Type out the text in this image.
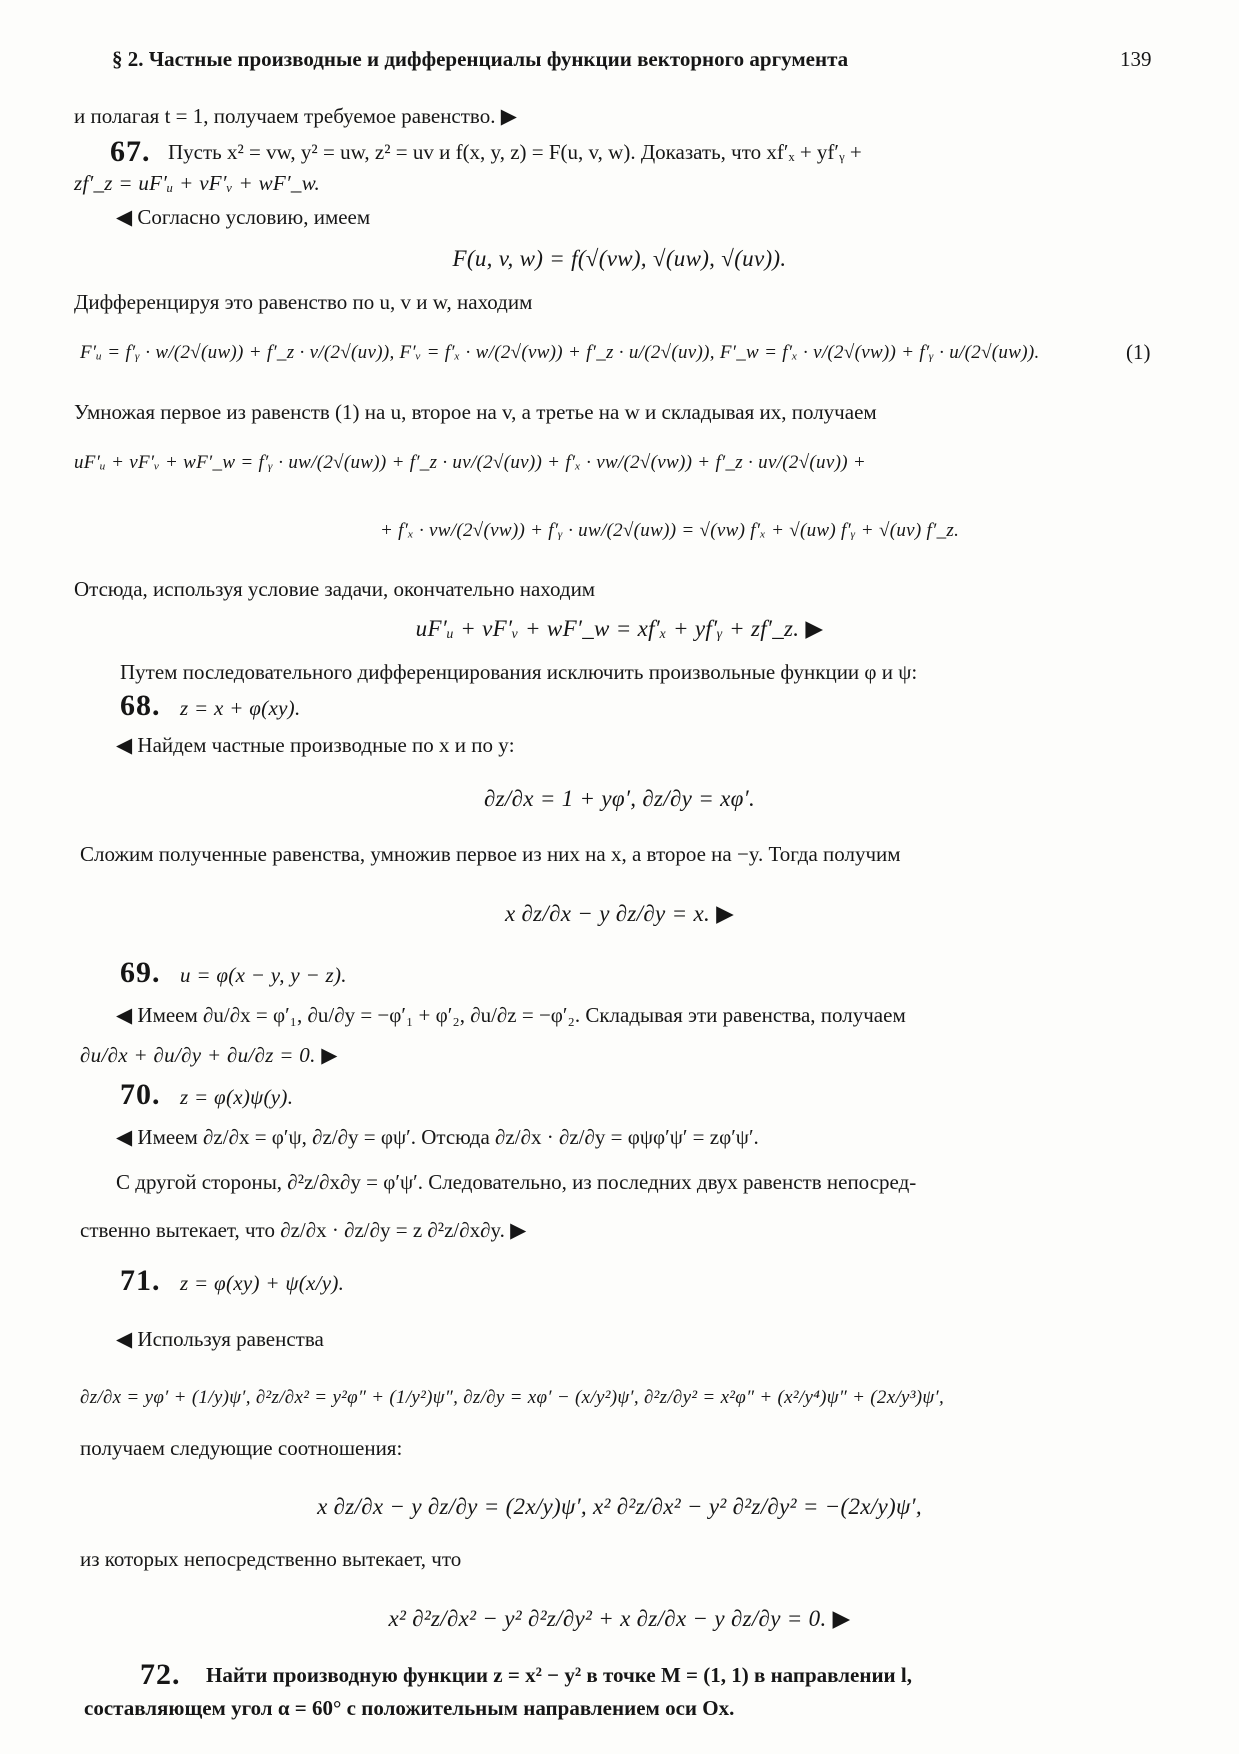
§ 2. Частные производные и дифференциалы функции векторного аргумента	139
и полагая t = 1, получаем требуемое равенство. ▶
67. Пусть x² = vw, y² = uw, z² = uv и f(x, y, z) = F(u, v, w). Доказать, что xf′ₓ + yf′ᵧ +
zf′_z = uF′ᵤ + vF′ᵥ + wF′_w.
◀ Согласно условию, имеем
F(u, v, w) = f(√(vw), √(uw), √(uv)).
Дифференцируя это равенство по u, v и w, находим
F′ᵤ = f′ᵧ · w/(2√(uw)) + f′_z · v/(2√(uv)), F′ᵥ = f′ₓ · w/(2√(vw)) + f′_z · u/(2√(uv)), F′_w = f′ₓ · v/(2√(vw)) + f′ᵧ · u/(2√(uw)).	(1)
Умножая первое из равенств (1) на u, второе на v, а третье на w и складывая их, получаем
uF′ᵤ + vF′ᵥ + wF′_w = f′ᵧ · uw/(2√(uw)) + f′_z · uv/(2√(uv)) + f′ₓ · vw/(2√(vw)) + f′_z · uv/(2√(uv)) +
+ f′ₓ · vw/(2√(vw)) + f′ᵧ · uw/(2√(uw)) = √(vw) f′ₓ + √(uw) f′ᵧ + √(uv) f′_z.
Отсюда, используя условие задачи, окончательно находим
uF′ᵤ + vF′ᵥ + wF′_w = xf′ₓ + yf′ᵧ + zf′_z. ▶
Путем последовательного дифференцирования исключить произвольные функции φ и ψ:
68. z = x + φ(xy).
◀ Найдем частные производные по x и по y:
∂z/∂x = 1 + yφ′, ∂z/∂y = xφ′.
Сложим полученные равенства, умножив первое из них на x, а второе на −y. Тогда получим
x ∂z/∂x − y ∂z/∂y = x. ▶
69. u = φ(x − y, y − z).
◀ Имеем ∂u/∂x = φ′₁, ∂u/∂y = −φ′₁ + φ′₂, ∂u/∂z = −φ′₂. Складывая эти равенства, получаем
∂u/∂x + ∂u/∂y + ∂u/∂z = 0. ▶
70. z = φ(x)ψ(y).
◀ Имеем ∂z/∂x = φ′ψ, ∂z/∂y = φψ′. Отсюда ∂z/∂x · ∂z/∂y = φψφ′ψ′ = zφ′ψ′.
С другой стороны, ∂²z/∂x∂y = φ′ψ′. Следовательно, из последних двух равенств непосред-
ственно вытекает, что ∂z/∂x · ∂z/∂y = z ∂²z/∂x∂y. ▶
71. z = φ(xy) + ψ(x/y).
◀ Используя равенства
∂z/∂x = yφ′ + (1/y)ψ′, ∂²z/∂x² = y²φ″ + (1/y²)ψ″, ∂z/∂y = xφ′ − (x/y²)ψ′, ∂²z/∂y² = x²φ″ + (x²/y⁴)ψ″ + (2x/y³)ψ′,
получаем следующие соотношения:
x ∂z/∂x − y ∂z/∂y = (2x/y)ψ′, x² ∂²z/∂x² − y² ∂²z/∂y² = −(2x/y)ψ′,
из которых непосредственно вытекает, что
x² ∂²z/∂x² − y² ∂²z/∂y² + x ∂z/∂x − y ∂z/∂y = 0. ▶
72. Найти производную функции z = x² − y² в точке M = (1, 1) в направлении l,
составляющем угол α = 60° с положительным направлением оси Ox.
